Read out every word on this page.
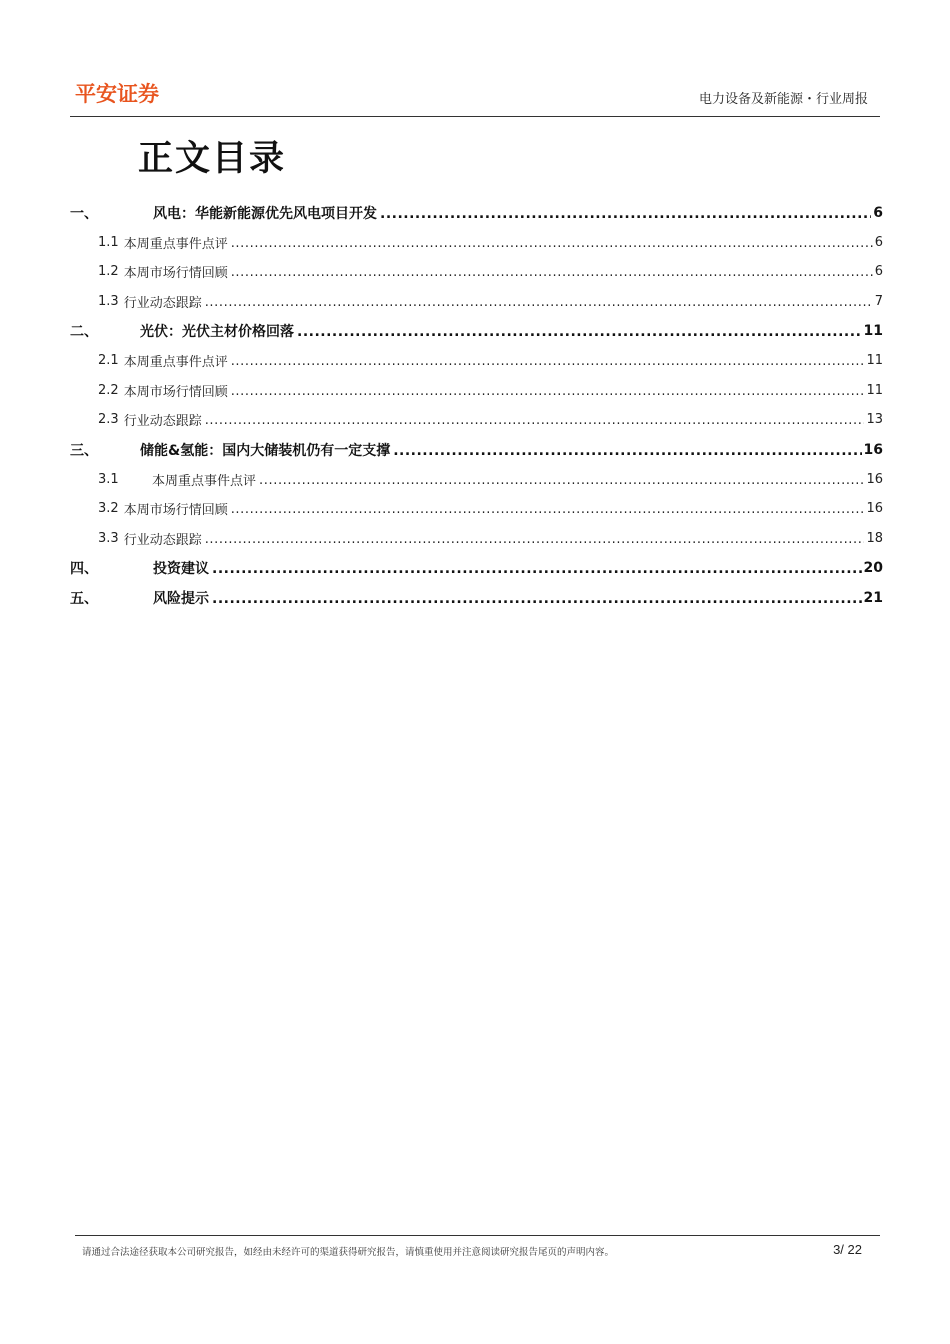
平安证券	电力设备及新能源・行业周报
正文目录
一、	风电：华能新能源优先风电项目开发 .....	6
1.1 本周重点事件点评 .....	6
1.2 本周市场行情回顾 .....	6
1.3 行业动态跟踪 .....	7
二、	光伏：光伏主材价格回落 .....	11
2.1 本周重点事件点评 .....	11
2.2 本周市场行情回顾 .....	11
2.3 行业动态跟踪 .....	13
三、	储能&氢能：国内大储装机仍有一定支撑 .....	16
3.1	本周重点事件点评 .....	16
3.2 本周市场行情回顾 .....	16
3.3 行业动态跟踪 .....	18
四、	投资建议 .....	20
五、	风险提示 .....	21
请通过合法途径获取本公司研究报告，如经由未经许可的渠道获得研究报告，请慎重使用并注意阅读研究报告尾页的声明内容。	3/ 22
